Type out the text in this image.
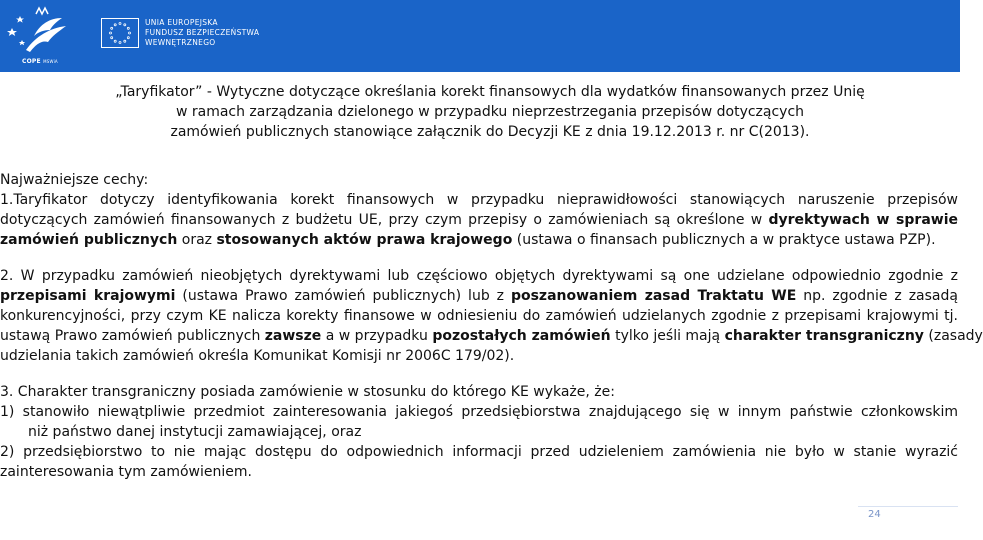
COPE MSWiA
UNIA EUROPEJSKA
FUNDUSZ BEZPIECZEŃSTWA
WEWNĘTRZNEGO
„Taryfikator” - Wytyczne dotyczące określania korekt finansowych dla wydatków finansowanych przez Unię
w ramach zarządzania dzielonego w przypadku nieprzestrzegania przepisów dotyczących
zamówień publicznych stanowiące załącznik do Decyzji KE z dnia 19.12.2013 r. nr C(2013).

Najważniejsze cechy:

1.Taryfikator dotyczy identyfikowania korekt finansowych w przypadku nieprawidłowości stanowiących naruszenie przepisów

dotyczących zamówień finansowanych z budżetu UE, przy czym przepisy o zamówieniach są określone w dyrektywach w sprawie

zamówień publicznych oraz stosowanych aktów prawa krajowego (ustawa o finansach publicznych a w praktyce ustawa PZP).

2. W przypadku zamówień nieobjętych dyrektywami lub częściowo objętych dyrektywami są one udzielane odpowiednio zgodnie z

przepisami krajowymi (ustawa Prawo zamówień publicznych) lub z poszanowaniem zasad Traktatu WE np. zgodnie z zasadą

konkurencyjności, przy czym KE nalicza korekty finansowe w odniesieniu do zamówień udzielanych zgodnie z przepisami krajowymi tj.

ustawą Prawo zamówień publicznych zawsze a w przypadku pozostałych zamówień tylko jeśli mają charakter transgraniczny (zasady

udzielania takich zamówień określa Komunikat Komisji nr 2006C 179/02).

3. Charakter transgraniczny posiada zamówienie w stosunku do którego KE wykaże, że:

1) stanowiło niewątpliwie przedmiot zainteresowania jakiegoś przedsiębiorstwa znajdującego się w innym państwie członkowskim

niż państwo danej instytucji zamawiającej, oraz

2) przedsiębiorstwo to nie mając dostępu do odpowiednich informacji przed udzieleniem zamówienia nie było w stanie wyrazić

zainteresowania tym zamówieniem.

24
